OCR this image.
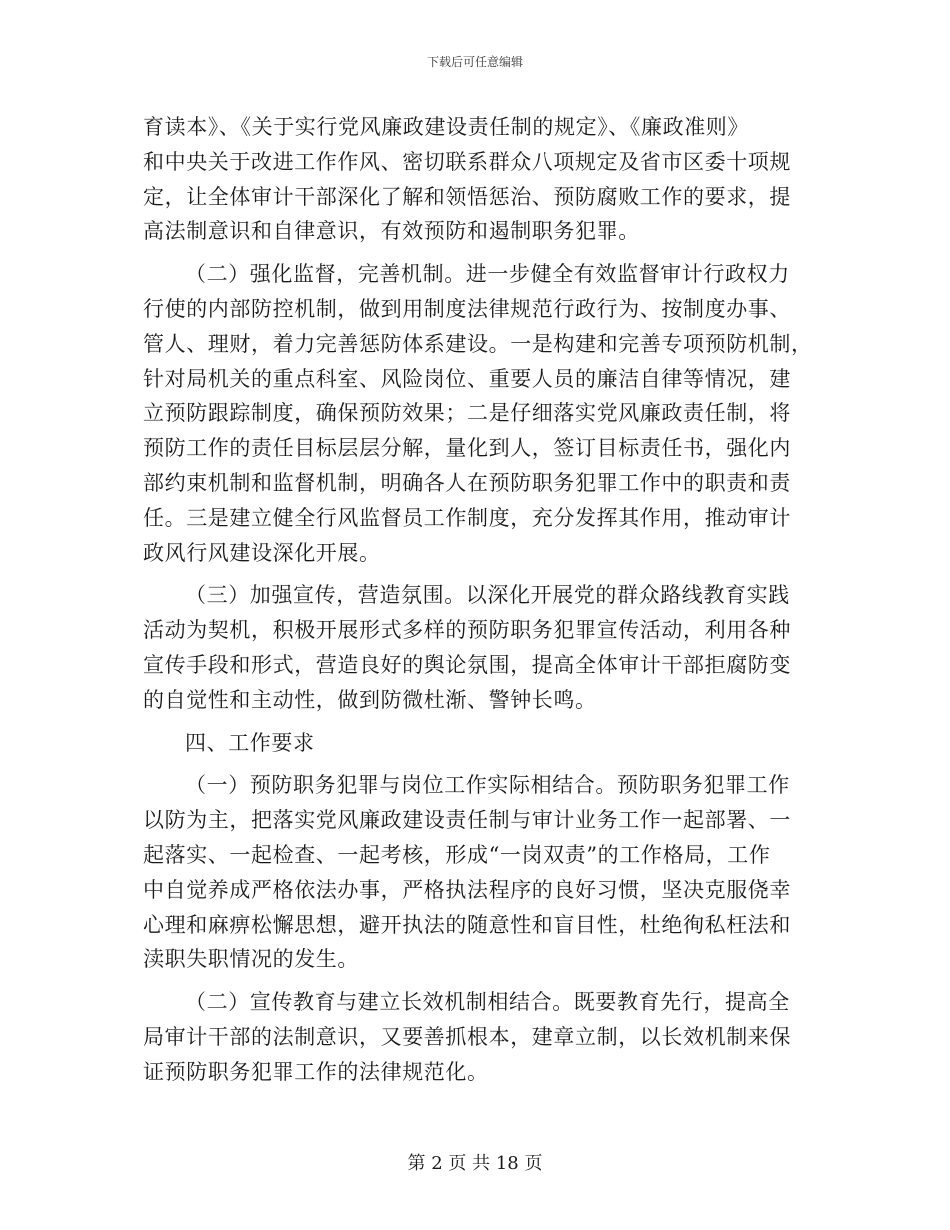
下载后可任意编辑
育读本》、《关于实行党风廉政建设责任制的规定》、《廉政准则》
和中央关于改进工作作风、密切联系群众八项规定及省市区委十项规
定，让全体审计干部深化了解和领悟惩治、预防腐败工作的要求，提
高法制意识和自律意识，有效预防和遏制职务犯罪。
（二）强化监督，完善机制。进一步健全有效监督审计行政权力
行使的内部防控机制，做到用制度法律规范行政行为、按制度办事、
管人、理财，着力完善惩防体系建设。一是构建和完善专项预防机制，
针对局机关的重点科室、风险岗位、重要人员的廉洁自律等情况，建
立预防跟踪制度，确保预防效果；二是仔细落实党风廉政责任制，将
预防工作的责任目标层层分解，量化到人，签订目标责任书，强化内
部约束机制和监督机制，明确各人在预防职务犯罪工作中的职责和责
任。三是建立健全行风监督员工作制度，充分发挥其作用，推动审计
政风行风建设深化开展。
（三）加强宣传，营造氛围。以深化开展党的群众路线教育实践
活动为契机，积极开展形式多样的预防职务犯罪宣传活动，利用各种
宣传手段和形式，营造良好的舆论氛围，提高全体审计干部拒腐防变
的自觉性和主动性，做到防微杜渐、警钟长鸣。
四、工作要求
（一）预防职务犯罪与岗位工作实际相结合。预防职务犯罪工作
以防为主，把落实党风廉政建设责任制与审计业务工作一起部署、一
起落实、一起检查、一起考核，形成“一岗双责”的工作格局，工作
中自觉养成严格依法办事，严格执法程序的良好习惯，坚决克服侥幸
心理和麻痹松懈思想，避开执法的随意性和盲目性，杜绝徇私枉法和
渎职失职情况的发生。
（二）宣传教育与建立长效机制相结合。既要教育先行，提高全
局审计干部的法制意识，又要善抓根本，建章立制，以长效机制来保
证预防职务犯罪工作的法律规范化。
第 2 页 共 18 页
